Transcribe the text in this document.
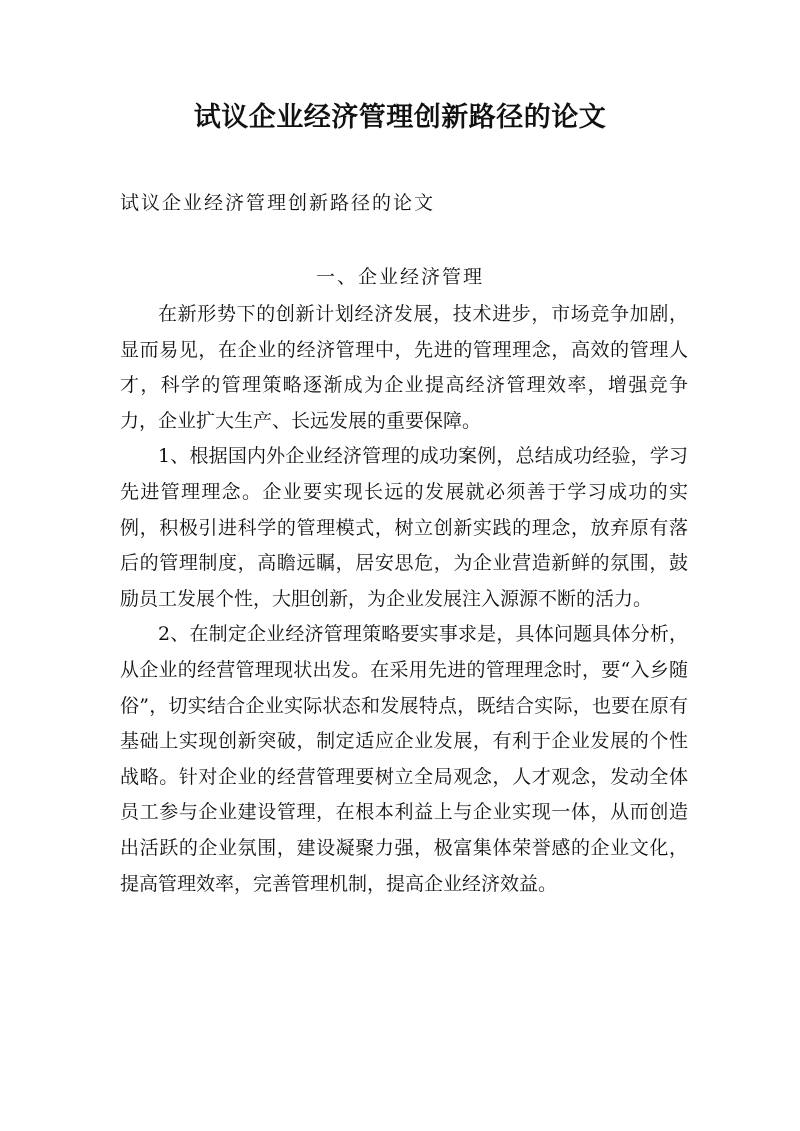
试议企业经济管理创新路径的论文
试议企业经济管理创新路径的论文
一、企业经济管理

在新形势下的创新计划经济发展，技术进步，市场竞争加剧，显而易见，在企业的经济管理中，先进的管理理念，高效的管理人才，科学的管理策略逐渐成为企业提高经济管理效率，增强竞争力，企业扩大生产、长远发展的重要保障。

1、根据国内外企业经济管理的成功案例，总结成功经验，学习先进管理理念。企业要实现长远的发展就必须善于学习成功的实例，积极引进科学的管理模式，树立创新实践的理念，放弃原有落后的管理制度，高瞻远瞩，居安思危，为企业营造新鲜的氛围，鼓励员工发展个性，大胆创新，为企业发展注入源源不断的活力。

2、在制定企业经济管理策略要实事求是，具体问题具体分析，从企业的经营管理现状出发。在采用先进的管理理念时，要“入乡随俗”，切实结合企业实际状态和发展特点，既结合实际，也要在原有基础上实现创新突破，制定适应企业发展，有利于企业发展的个性战略。针对企业的经营管理要树立全局观念，人才观念，发动全体员工参与企业建设管理，在根本利益上与企业实现一体，从而创造出活跃的企业氛围，建设凝聚力强，极富集体荣誉感的企业文化，提高管理效率，完善管理机制，提高企业经济效益。
